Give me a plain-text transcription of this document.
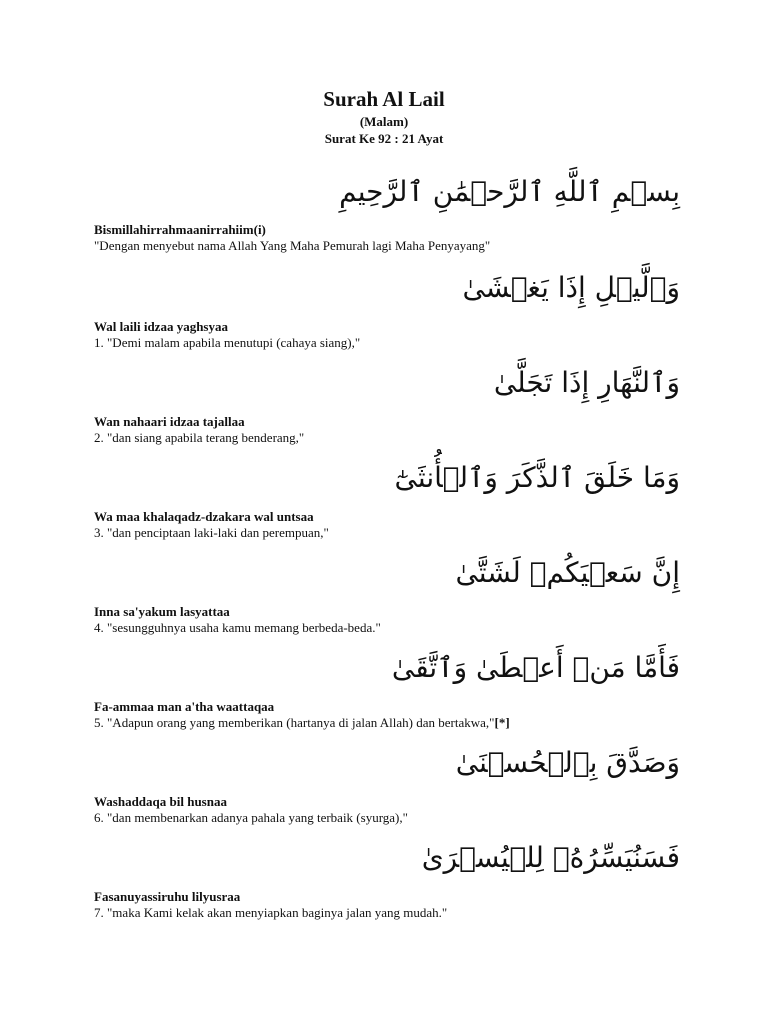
Surah Al Lail
(Malam)
Surat Ke 92 : 21 Ayat
بِسۡمِ ٱللَّهِ ٱلرَّحۡمَٰنِ ٱلرَّحِيمِ
Bismillahirrahmaanirrahiim(i)
"Dengan menyebut nama Allah Yang Maha Pemurah lagi Maha Penyayang"
وَٱلَّيۡلِ إِذَا يَغۡشَىٰ
Wal laili idzaa yaghsyaa
1. "Demi malam apabila menutupi (cahaya siang),"
وَٱلنَّهَارِ إِذَا تَجَلَّىٰ
Wan nahaari idzaa tajallaa
2. "dan siang apabila terang benderang,"
وَمَا خَلَقَ ٱلذَّكَرَ وَٱلۡأُنثَىٰٓ
Wa maa khalaqadz-dzakara wal untsaa
3. "dan penciptaan laki-laki dan perempuan,"
إِنَّ سَعۡيَكُمۡ لَشَتَّىٰ
Inna sa'yakum lasyattaa
4. "sesungguhnya usaha kamu memang berbeda-beda."
فَأَمَّا مَنۡ أَعۡطَىٰ وَٱتَّقَىٰ
Fa-ammaa man a'tha waattaqaa
5. "Adapun orang yang memberikan (hartanya di jalan Allah) dan bertakwa,"[*]
وَصَدَّقَ بِٱلۡحُسۡنَىٰ
Washaddaqa bil husnaa
6. "dan membenarkan adanya pahala yang terbaik (syurga),"
فَسَنُيَسِّرُهُۥ لِلۡيُسۡرَىٰ
Fasanuyassiruhu lilyusraa
7. "maka Kami kelak akan menyiapkan baginya jalan yang mudah."
